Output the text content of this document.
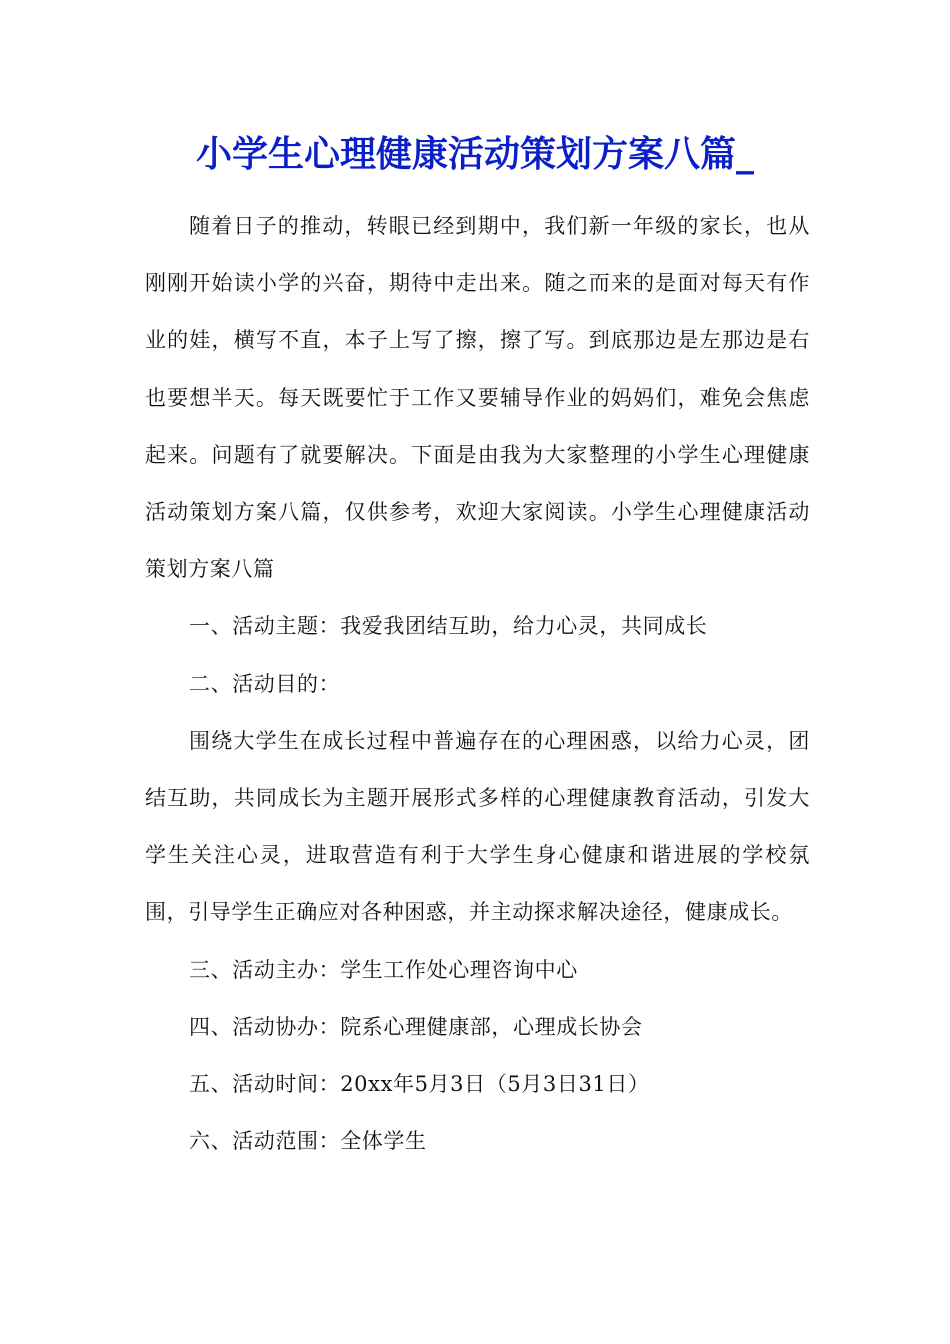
小学生心理健康活动策划方案八篇_

随着日子的推动，转眼已经到期中，我们新一年级的家长，也从刚刚开始读小学的兴奋，期待中走出来。随之而来的是面对每天有作业的娃，横写不直，本子上写了擦，擦了写。到底那边是左那边是右也要想半天。每天既要忙于工作又要辅导作业的妈妈们，难免会焦虑起来。问题有了就要解决。下面是由我为大家整理的小学生心理健康活动策划方案八篇，仅供参考，欢迎大家阅读。小学生心理健康活动策划方案八篇

一、活动主题：我爱我团结互助，给力心灵，共同成长

二、活动目的：

围绕大学生在成长过程中普遍存在的心理困惑，以给力心灵，团结互助，共同成长为主题开展形式多样的心理健康教育活动，引发大学生关注心灵，进取营造有利于大学生身心健康和谐进展的学校氛围，引导学生正确应对各种困惑，并主动探求解决途径，健康成长。

三、活动主办：学生工作处心理咨询中心

四、活动协办：院系心理健康部，心理成长协会

五、活动时间：20xx年5月3日（5月3日31日）

六、活动范围：全体学生
